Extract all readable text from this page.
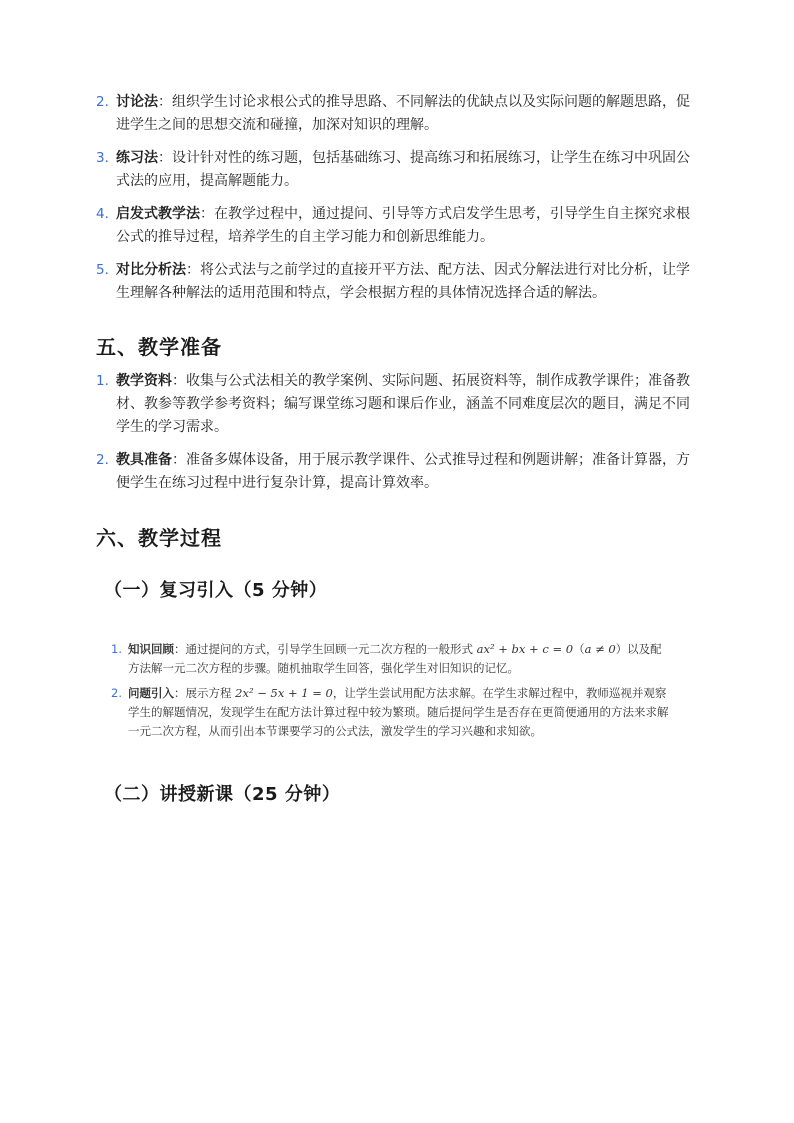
2. 讨论法：组织学生讨论求根公式的推导思路、不同解法的优缺点以及实际问题的解题思路，促进学生之间的思想交流和碰撞，加深对知识的理解。
3. 练习法：设计针对性的练习题，包括基础练习、提高练习和拓展练习，让学生在练习中巩固公式法的应用，提高解题能力。
4. 启发式教学法：在教学过程中，通过提问、引导等方式启发学生思考，引导学生自主探究求根公式的推导过程，培养学生的自主学习能力和创新思维能力。
5. 对比分析法：将公式法与之前学过的直接开平方法、配方法、因式分解法进行对比分析，让学生理解各种解法的适用范围和特点，学会根据方程的具体情况选择合适的解法。
五、教学准备
1. 教学资料：收集与公式法相关的教学案例、实际问题、拓展资料等，制作成教学课件；准备教材、教参等教学参考资料；编写课堂练习题和课后作业，涵盖不同难度层次的题目，满足不同学生的学习需求。
2. 教具准备：准备多媒体设备，用于展示教学课件、公式推导过程和例题讲解；准备计算器，方便学生在练习过程中进行复杂计算，提高计算效率。
六、教学过程
（一）复习引入（5 分钟）
1. 知识回顾：通过提问的方式，引导学生回顾一元二次方程的一般形式 ax² + bx + c = 0（a ≠ 0）以及配方法解一元二次方程的步骤。随机抽取学生回答，强化学生对旧知识的记忆。
2. 问题引入：展示方程 2x² − 5x + 1 = 0，让学生尝试用配方法求解。在学生求解过程中，教师巡视并观察学生的解题情况，发现学生在配方法计算过程中较为繁琐。随后提问学生是否存在更简便通用的方法来求解一元二次方程，从而引出本节课要学习的公式法，激发学生的学习兴趣和求知欲。
（二）讲授新课（25 分钟）
